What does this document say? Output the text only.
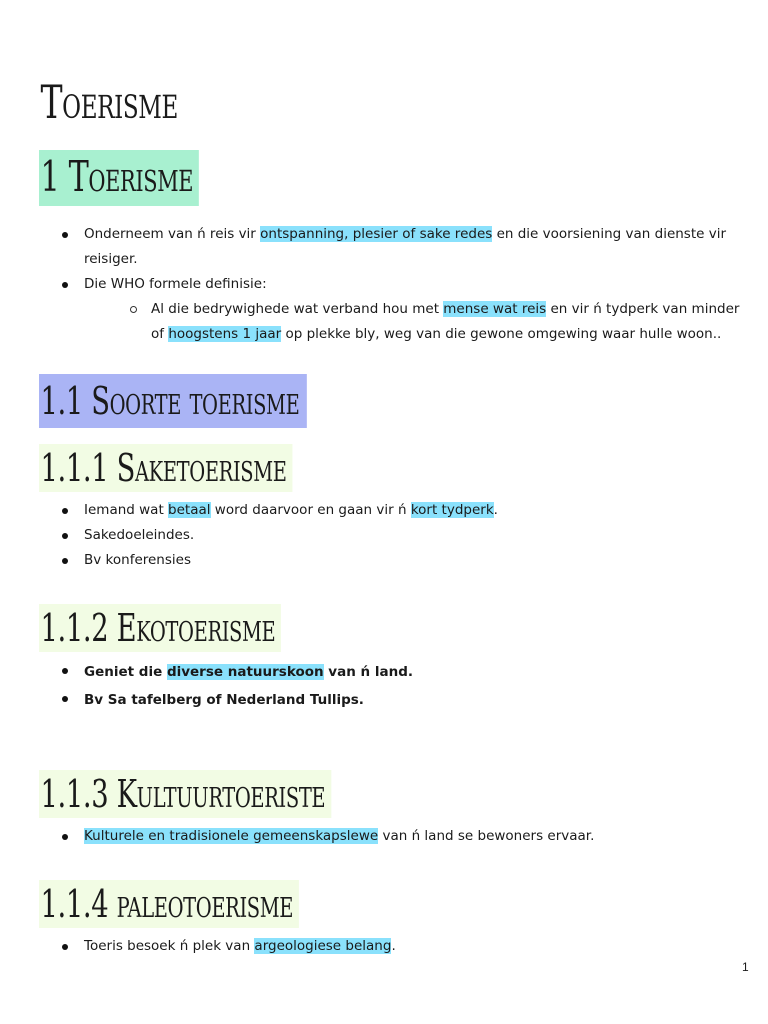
Toerisme
1 Toerisme
Onderneem van ń reis vir ontspanning, plesier of sake redes en die voorsiening van dienste vir reisiger.
Die WHO formele definisie:
Al die bedrywighede wat verband hou met mense wat reis en vir ń tydperk van minder of hoogstens 1 jaar op plekke bly, weg van die gewone omgewing waar hulle woon..
1.1 Soorte toerisme
1.1.1 Saketoerisme
Iemand wat betaal word daarvoor en gaan vir ń kort tydperk.
Sakedoeleindes.
Bv konferensies
1.1.2 Ekotoerisme
Geniet die diverse natuurskoon van ń land.
Bv Sa tafelberg of Nederland Tullips.
1.1.3 Kultuurtoeriste
Kulturele en tradisionele gemeenskapslewe van ń land se bewoners ervaar.
1.1.4 paleotoerisme
Toeris besoek ń plek van argeologiese belang.
1
